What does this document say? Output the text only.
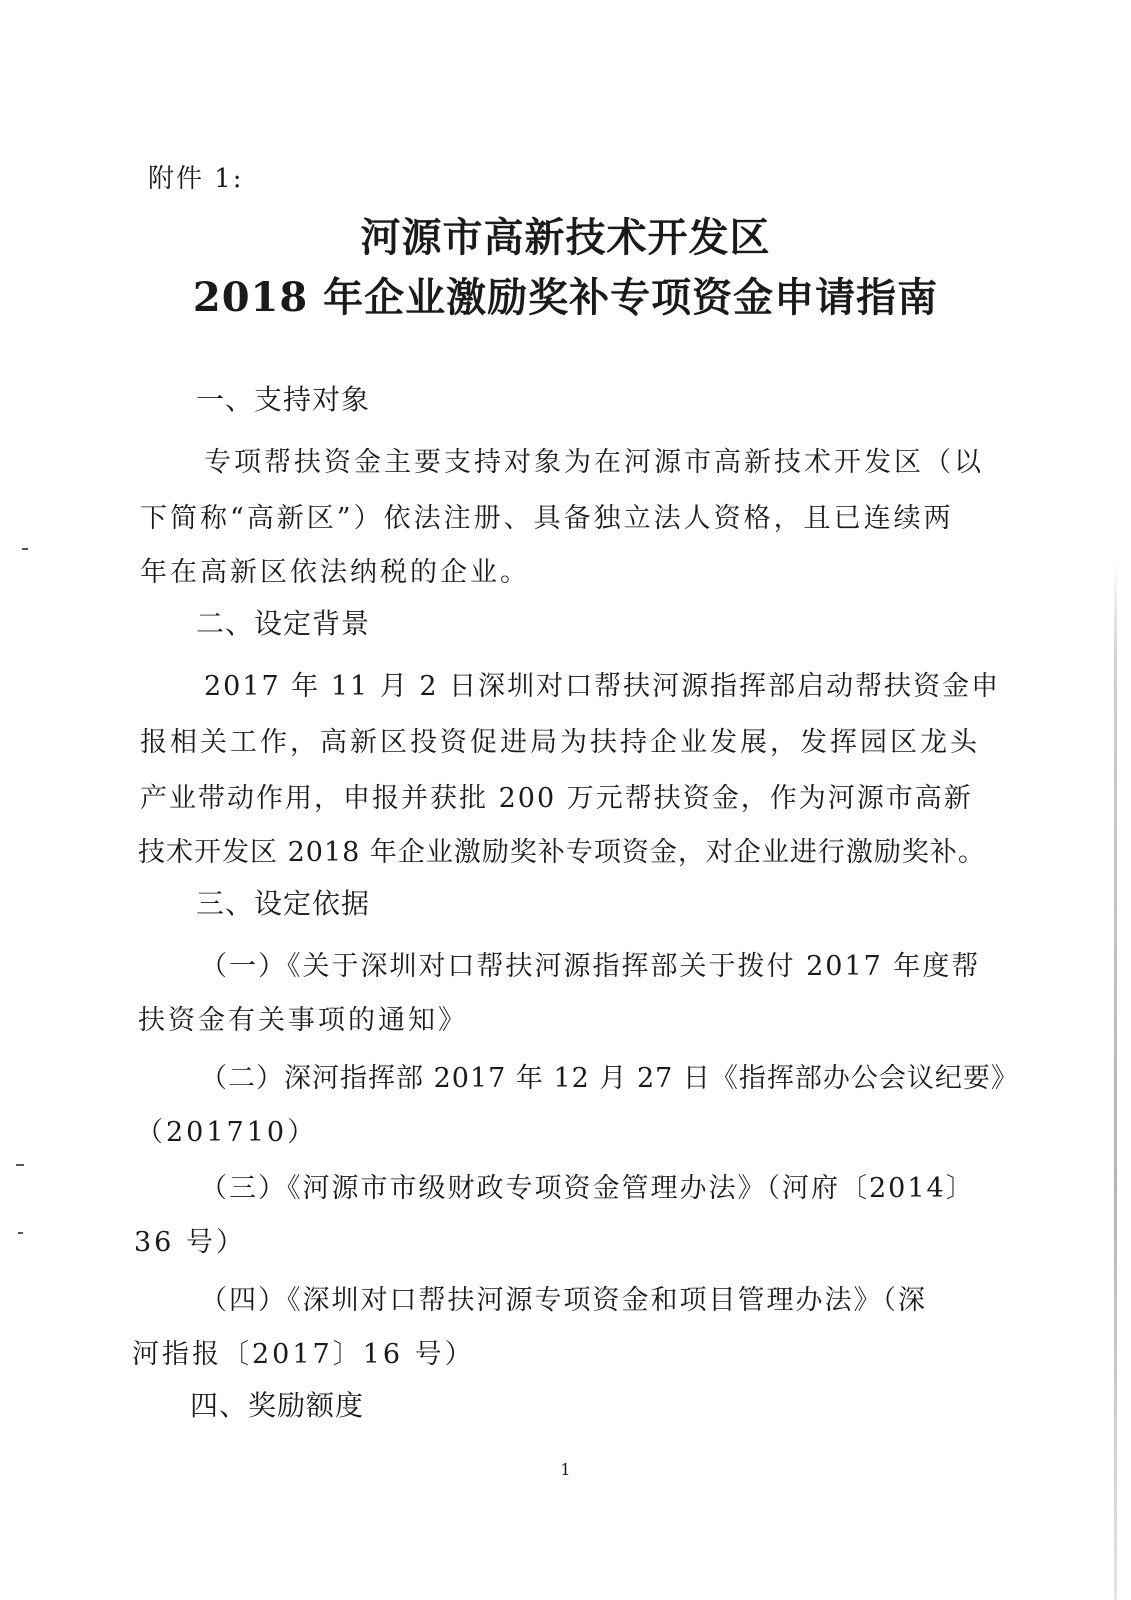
附件 1:
河源市高新技术开发区
2018 年企业激励奖补专项资金申请指南
一、支持对象
专项帮扶资金主要支持对象为在河源市高新技术开发区（以
下简称“高新区”）依法注册、具备独立法人资格，且已连续两
年在高新区依法纳税的企业。
二、设定背景
2017 年 11 月 2 日深圳对口帮扶河源指挥部启动帮扶资金申
报相关工作，高新区投资促进局为扶持企业发展，发挥园区龙头
产业带动作用，申报并获批 200 万元帮扶资金，作为河源市高新
技术开发区 2018 年企业激励奖补专项资金，对企业进行激励奖补。
三、设定依据
（一）《关于深圳对口帮扶河源指挥部关于拨付 2017 年度帮
扶资金有关事项的通知》
（二）深河指挥部 2017 年 12 月 27 日《指挥部办公会议纪要》
（201710）
（三）《河源市市级财政专项资金管理办法》（河府〔2014〕
36 号）
（四）《深圳对口帮扶河源专项资金和项目管理办法》（深
河指报〔2017〕16 号）
四、奖励额度
1
